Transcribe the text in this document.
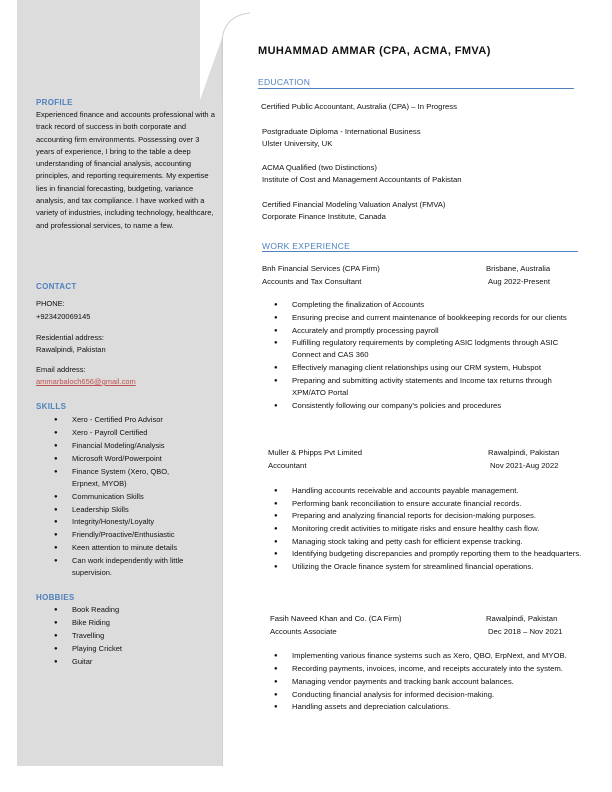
MUHAMMAD AMMAR (CPA, ACMA, FMVA)
PROFILE
Experienced finance and accounts professional with a track record of success in both corporate and accounting firm environments. Possessing over 3 years of experience, I bring to the table a deep understanding of financial analysis, accounting principles, and reporting requirements. My expertise lies in financial forecasting, budgeting, variance analysis, and tax compliance. I have worked with a variety of industries, including technology, healthcare, and professional services, to name a few.
CONTACT
PHONE:
+923420069145
Residential address:
Rawalpindi, Pakistan
Email address:
ammarbaloch656@gmail.com
SKILLS
● Xero - Certified Pro Advisor
● Xero - Payroll Certified
● Financial Modeling/Analysis
● Microsoft Word/Powerpoint
● Finance System (Xero, QBO, Erpnext, MYOB)
● Communication Skills
● Leadership Skills
● Integrity/Honesty/Loyalty
● Friendly/Proactive/Enthusiastic
● Keen attention to minute details
● Can work independently with little supervision.
HOBBIES
● Book Reading
● Bike Riding
● Travelling
● Playing Cricket
● Guitar
EDUCATION
Certified Public Accountant, Australia (CPA) – In Progress
Postgraduate Diploma - International Business
Ulster University, UK
ACMA Qualified (two Distinctions)
Institute of Cost and Management Accountants of Pakistan
Certified Financial Modeling Valuation Analyst (FMVA)
Corporate Finance Institute, Canada
WORK EXPERIENCE
Bnh Financial Services (CPA Firm)	Brisbane, Australia
Accounts and Tax Consultant	Aug 2022-Present
● Completing the finalization of Accounts
● Ensuring precise and current maintenance of bookkeeping records for our clients
● Accurately and promptly processing payroll
● Fulfilling regulatory requirements by completing ASIC lodgments through ASIC Connect and CAS 360
● Effectively managing client relationships using our CRM system, Hubspot
● Preparing and submitting activity statements and Income tax returns through XPM/ATO Portal
● Consistently following our company's policies and procedures
Muller & Phipps Pvt Limited	Rawalpindi, Pakistan
Accountant	Nov 2021-Aug 2022
● Handling accounts receivable and accounts payable management.
● Performing bank reconciliation to ensure accurate financial records.
● Preparing and analyzing financial reports for decision-making purposes.
● Monitoring credit activities to mitigate risks and ensure healthy cash flow.
● Managing stock taking and petty cash for efficient expense tracking.
● Identifying budgeting discrepancies and promptly reporting them to the headquarters.
● Utilizing the Oracle finance system for streamlined financial operations.
Fasih Naveed Khan and Co. (CA Firm)	Rawalpindi, Pakistan
Accounts Associate	Dec 2018 – Nov 2021
● Implementing various finance systems such as Xero, QBO, ErpNext, and MYOB.
● Recording payments, invoices, income, and receipts accurately into the system.
● Managing vendor payments and tracking bank account balances.
● Conducting financial analysis for informed decision-making.
● Handling assets and depreciation calculations.
